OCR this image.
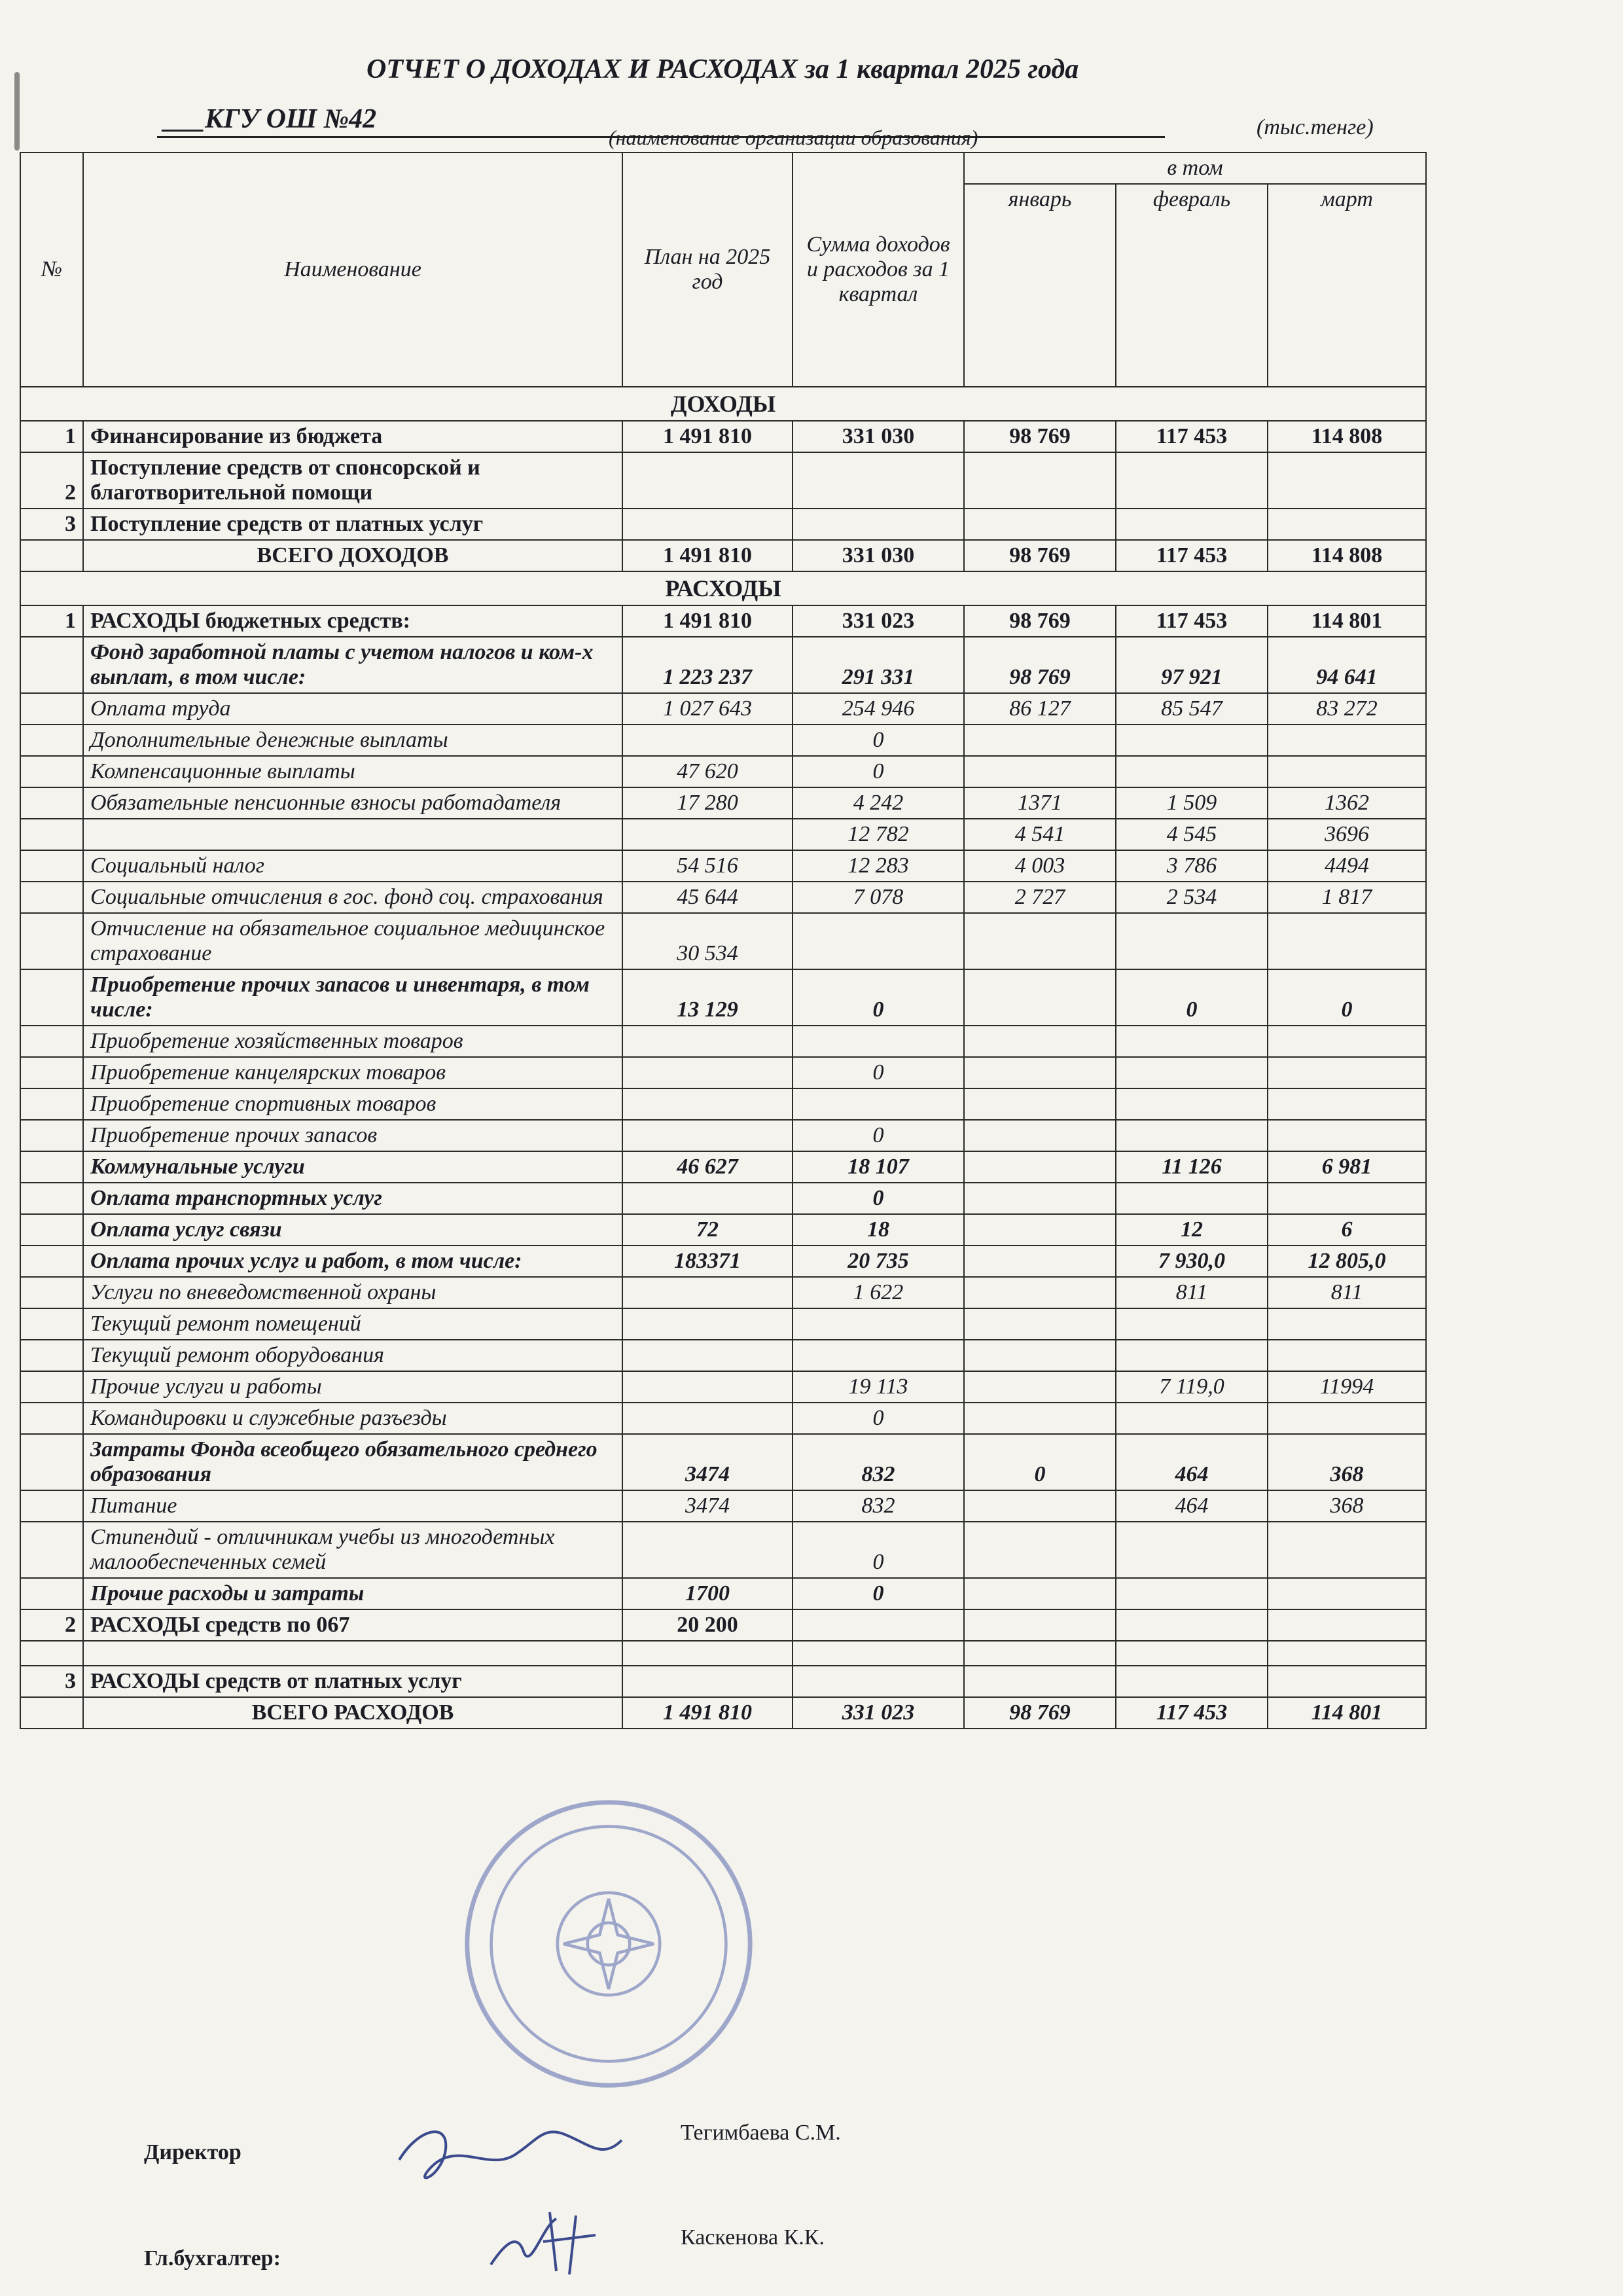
ОТЧЕТ О ДОХОДАХ И РАСХОДАХ за 1 квартал 2025 года
___КГУ ОШ №42
(наименование организации образования)	(тыс.тенге)
№	Наименование	План на 2025 год	Сумма доходов и расходов за 1 квартал	в том		
				январь	февраль	март
ДОХОДЫ						
1	Финансирование из бюджета	1 491 810	331 030	98 769	117 453	114 808
2	Поступление средств от спонсорской и благотворительной помощи					
3	Поступление средств от платных услуг					
	ВСЕГО ДОХОДОВ	1 491 810	331 030	98 769	117 453	114 808
РАСХОДЫ						
1	РАСХОДЫ бюджетных средств:	1 491 810	331 023	98 769	117 453	114 801
	Фонд заработной платы с учетом налогов и ком-х выплат, в том числе:	1 223 237	291 331	98 769	97 921	94 641
	Оплата труда	1 027 643	254 946	86 127	85 547	83 272
	Дополнительные денежные выплаты		0			
	Компенсационные выплаты	47 620	0			
	Обязательные пенсионные взносы работадателя	17 280	4 242	1371	1 509	1362
			12 782	4 541	4 545	3696
	Социальный налог	54 516	12 283	4 003	3 786	4494
	Социальные отчисления в гос. фонд соц. страхования	45 644	7 078	2 727	2 534	1 817
	Отчисление на обязательное социальное медицинское страхование	30 534				
	Приобретение прочих запасов и инвентаря, в том числе:	13 129	0		0	0
	Приобретение хозяйственных товаров					
	Приобретение канцелярских товаров		0			
	Приобретение спортивных товаров					
	Приобретение прочих запасов		0			
	Коммунальные услуги	46 627	18 107		11 126	6 981
	Оплата транспортных услуг		0			
	Оплата услуг связи	72	18		12	6
	Оплата прочих услуг и работ, в том числе:	183371	20 735		7 930,0	12 805,0
	Услуги по вневедомственной охраны		1 622		811	811
	Текущий ремонт помещений					
	Текущий ремонт оборудования					
	Прочие услуги и работы		19 113		7 119,0	11994
	Командировки и служебные разъезды		0			
	Затраты Фонда всеобщего обязательного среднего образования	3474	832	0	464	368
	Питание	3474	832		464	368
	Стипендий - отличникам учебы из многодетных малообеспеченных семей		0			
	Прочие расходы и затраты	1700	0			
2	РАСХОДЫ средств по 067	20 200				

3	РАСХОДЫ средств от платных услуг					
	ВСЕГО РАСХОДОВ	1 491 810	331 023	98 769	117 453	114 801
Директор
Тегимбаева С.М.
Гл.бухгалтер:
Каскенова К.К.
